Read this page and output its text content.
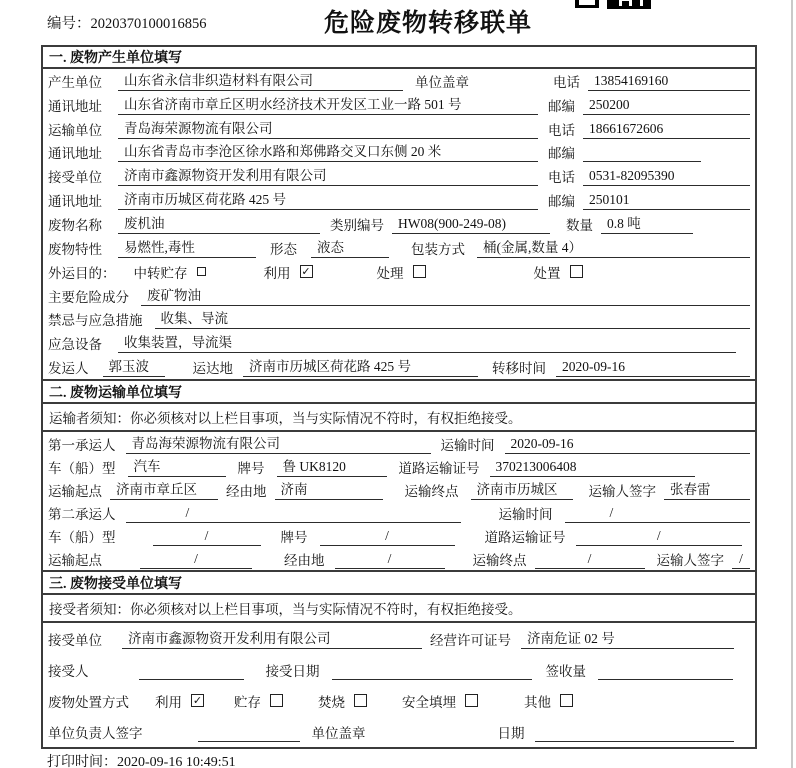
编号：2020370100016856	危险废物转移联单
一. 废物产生单位填写
产生单位	山东省永信非织造材料有限公司	单位盖章	电话	13854169160
通讯地址	山东省济南市章丘区明水经济技术开发区工业一路 501 号	邮编	250200
运输单位	青岛海荣源物流有限公司	电话	18661672606
通讯地址	山东省青岛市李沧区徐水路和郑佛路交叉口东侧 20 米	邮编
接受单位	济南市鑫源物资开发利用有限公司	电话	0531-82095390
通讯地址	济南市历城区荷花路 425 号	邮编	250101
废物名称	废机油	类别编号	HW08(900-249-08)	数量	0.8 吨
废物特性	易燃性,毒性	形态	液态	包装方式	桶(金属,数量 4）
外运目的： 中转贮存	利用 ✓	处理	处置
主要危险成分	废矿物油
禁忌与应急措施	收集、导流
应急设备	收集装置，导流渠
发运人	郭玉波	运达地	济南市历城区荷花路 425 号	转移时间	2020-09-16
二. 废物运输单位填写
运输者须知：你必须核对以上栏目事项，当与实际情况不符时，有权拒绝接受。
第一承运人	青岛海荣源物流有限公司	运输时间	2020-09-16
车（船）型	汽车	牌号	鲁 UK8120	道路运输证号	370213006408
运输起点	济南市章丘区	经由地	济南	运输终点	济南市历城区	运输人签字	张春雷
第二承运人	/	运输时间	/
车（船）型	/	牌号	/	道路运输证号	/
运输起点	/	经由地	/	运输终点	/	运输人签字	/
三. 废物接受单位填写
接受者须知：你必须核对以上栏目事项，当与实际情况不符时，有权拒绝接受。
接受单位	济南市鑫源物资开发利用有限公司	经营许可证号	济南危证 02 号
接受人	接受日期	签收量
废物处置方式 利用 ✓ 贮存	焚烧	安全填埋	其他
单位负责人签字	单位盖章	日期
打印时间：2020-09-16 10:49:51
